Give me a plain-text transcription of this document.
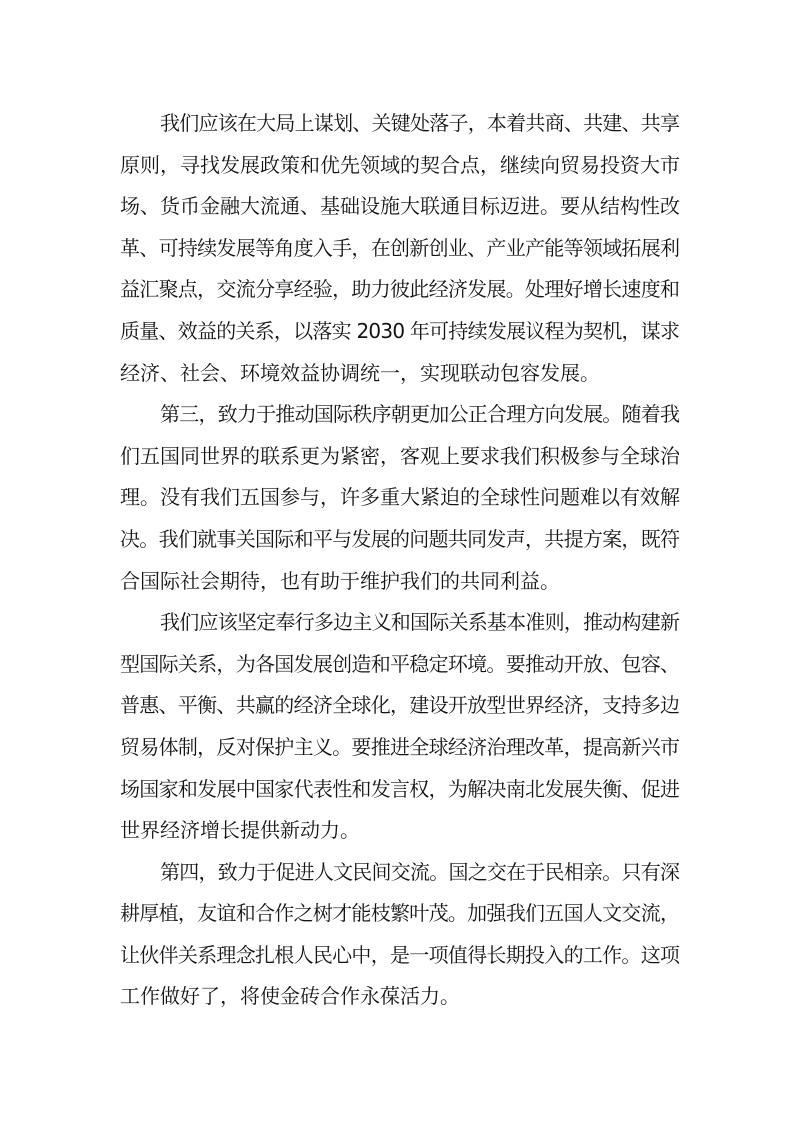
我们应该在大局上谋划、关键处落子，本着共商、共建、共享
原则，寻找发展政策和优先领域的契合点，继续向贸易投资大市
场、货币金融大流通、基础设施大联通目标迈进。要从结构性改
革、可持续发展等角度入手，在创新创业、产业产能等领域拓展利
益汇聚点，交流分享经验，助力彼此经济发展。处理好增长速度和
质量、效益的关系，以落实 2030 年可持续发展议程为契机，谋求
经济、社会、环境效益协调统一，实现联动包容发展。
第三，致力于推动国际秩序朝更加公正合理方向发展。随着我
们五国同世界的联系更为紧密，客观上要求我们积极参与全球治
理。没有我们五国参与，许多重大紧迫的全球性问题难以有效解
决。我们就事关国际和平与发展的问题共同发声，共提方案，既符
合国际社会期待，也有助于维护我们的共同利益。
我们应该坚定奉行多边主义和国际关系基本准则，推动构建新
型国际关系，为各国发展创造和平稳定环境。要推动开放、包容、
普惠、平衡、共赢的经济全球化，建设开放型世界经济，支持多边
贸易体制，反对保护主义。要推进全球经济治理改革，提高新兴市
场国家和发展中国家代表性和发言权，为解决南北发展失衡、促进
世界经济增长提供新动力。
第四，致力于促进人文民间交流。国之交在于民相亲。只有深
耕厚植，友谊和合作之树才能枝繁叶茂。加强我们五国人文交流，
让伙伴关系理念扎根人民心中，是一项值得长期投入的工作。这项
工作做好了，将使金砖合作永葆活力。
